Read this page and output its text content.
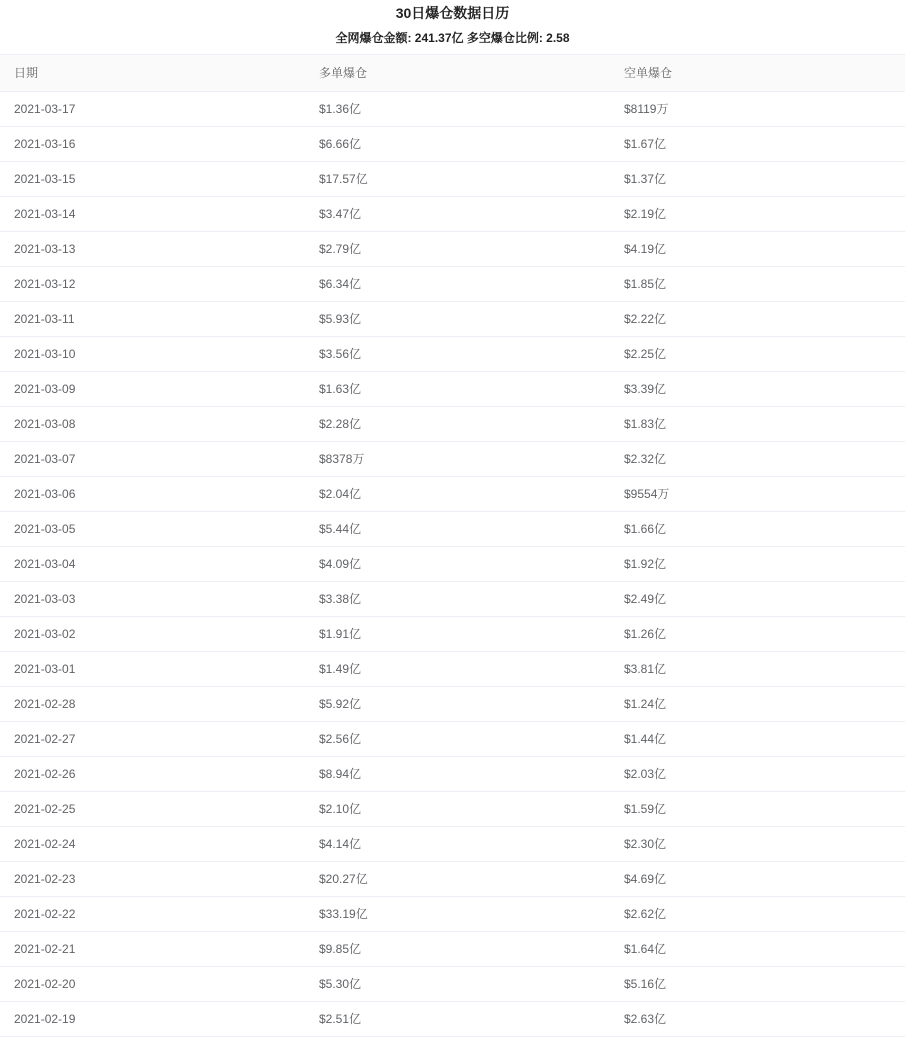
30日爆仓数据日历
全网爆仓金额: 241.37亿 多空爆仓比例: 2.58
日期	多单爆仓	空单爆仓
2021-03-17	$1.36亿	$8119万
2021-03-16	$6.66亿	$1.67亿
2021-03-15	$17.57亿	$1.37亿
2021-03-14	$3.47亿	$2.19亿
2021-03-13	$2.79亿	$4.19亿
2021-03-12	$6.34亿	$1.85亿
2021-03-11	$5.93亿	$2.22亿
2021-03-10	$3.56亿	$2.25亿
2021-03-09	$1.63亿	$3.39亿
2021-03-08	$2.28亿	$1.83亿
2021-03-07	$8378万	$2.32亿
2021-03-06	$2.04亿	$9554万
2021-03-05	$5.44亿	$1.66亿
2021-03-04	$4.09亿	$1.92亿
2021-03-03	$3.38亿	$2.49亿
2021-03-02	$1.91亿	$1.26亿
2021-03-01	$1.49亿	$3.81亿
2021-02-28	$5.92亿	$1.24亿
2021-02-27	$2.56亿	$1.44亿
2021-02-26	$8.94亿	$2.03亿
2021-02-25	$2.10亿	$1.59亿
2021-02-24	$4.14亿	$2.30亿
2021-02-23	$20.27亿	$4.69亿
2021-02-22	$33.19亿	$2.62亿
2021-02-21	$9.85亿	$1.64亿
2021-02-20	$5.30亿	$5.16亿
2021-02-19	$2.51亿	$2.63亿
